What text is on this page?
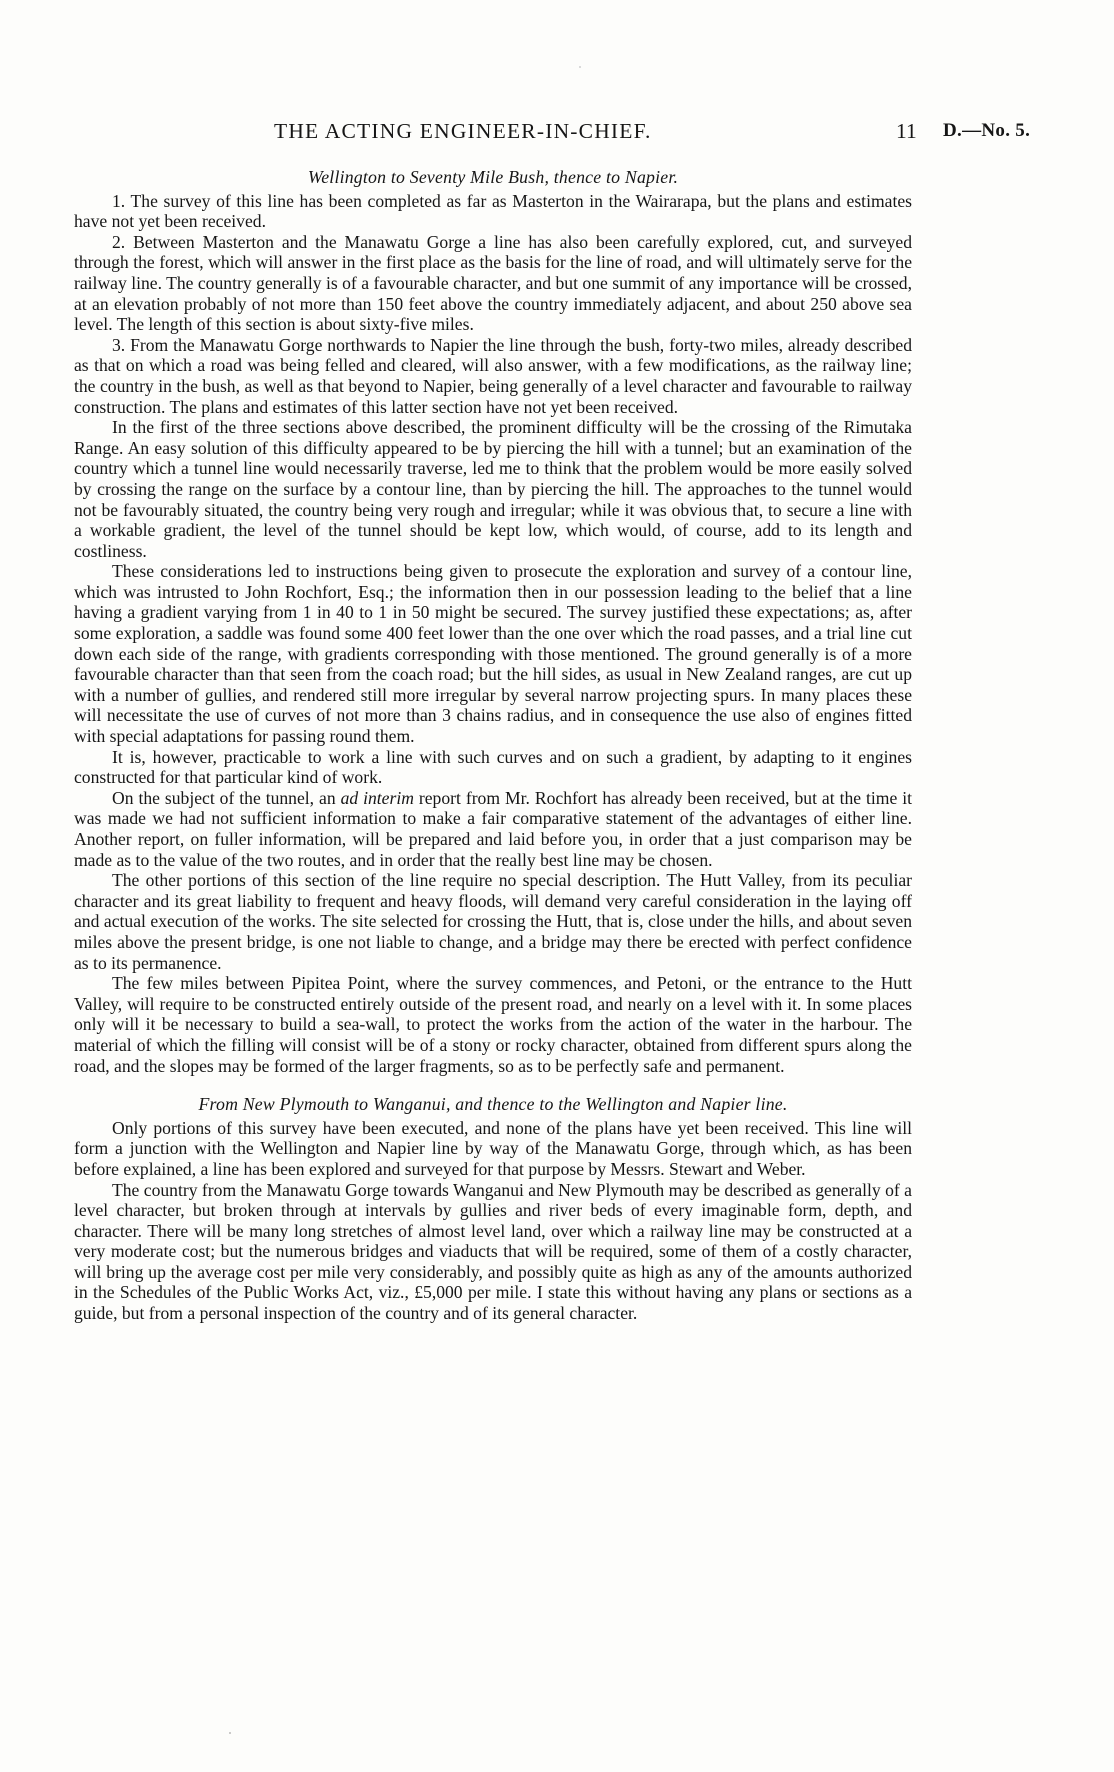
THE ACTING ENGINEER-IN-CHIEF.	11 D.—No. 5.
Wellington to Seventy Mile Bush, thence to Napier.

1. The survey of this line has been completed as far as Masterton in the Wairarapa, but the plans and estimates have not yet been received.

2. Between Masterton and the Manawatu Gorge a line has also been carefully explored, cut, and surveyed through the forest, which will answer in the first place as the basis for the line of road, and will ultimately serve for the railway line. The country generally is of a favourable character, and but one summit of any importance will be crossed, at an elevation probably of not more than 150 feet above the country immediately adjacent, and about 250 above sea level. The length of this section is about sixty-five miles.

3. From the Manawatu Gorge northwards to Napier the line through the bush, forty-two miles, already described as that on which a road was being felled and cleared, will also answer, with a few modifications, as the railway line; the country in the bush, as well as that beyond to Napier, being generally of a level character and favourable to railway construction. The plans and estimates of this latter section have not yet been received.

In the first of the three sections above described, the prominent difficulty will be the crossing of the Rimutaka Range. An easy solution of this difficulty appeared to be by piercing the hill with a tunnel; but an examination of the country which a tunnel line would necessarily traverse, led me to think that the problem would be more easily solved by crossing the range on the surface by a contour line, than by piercing the hill. The approaches to the tunnel would not be favourably situated, the country being very rough and irregular; while it was obvious that, to secure a line with a workable gradient, the level of the tunnel should be kept low, which would, of course, add to its length and costliness.

These considerations led to instructions being given to prosecute the exploration and survey of a contour line, which was intrusted to John Rochfort, Esq.; the information then in our possession leading to the belief that a line having a gradient varying from 1 in 40 to 1 in 50 might be secured. The survey justified these expectations; as, after some exploration, a saddle was found some 400 feet lower than the one over which the road passes, and a trial line cut down each side of the range, with gradients corresponding with those mentioned. The ground generally is of a more favourable character than that seen from the coach road; but the hill sides, as usual in New Zealand ranges, are cut up with a number of gullies, and rendered still more irregular by several narrow projecting spurs. In many places these will necessitate the use of curves of not more than 3 chains radius, and in consequence the use also of engines fitted with special adaptations for passing round them.

It is, however, practicable to work a line with such curves and on such a gradient, by adapting to it engines constructed for that particular kind of work.

On the subject of the tunnel, an ad interim report from Mr. Rochfort has already been received, but at the time it was made we had not sufficient information to make a fair comparative statement of the advantages of either line. Another report, on fuller information, will be prepared and laid before you, in order that a just comparison may be made as to the value of the two routes, and in order that the really best line may be chosen.

The other portions of this section of the line require no special description. The Hutt Valley, from its peculiar character and its great liability to frequent and heavy floods, will demand very careful consideration in the laying off and actual execution of the works. The site selected for crossing the Hutt, that is, close under the hills, and about seven miles above the present bridge, is one not liable to change, and a bridge may there be erected with perfect confidence as to its permanence.

The few miles between Pipitea Point, where the survey commences, and Petoni, or the entrance to the Hutt Valley, will require to be constructed entirely outside of the present road, and nearly on a level with it. In some places only will it be necessary to build a sea-wall, to protect the works from the action of the water in the harbour. The material of which the filling will consist will be of a stony or rocky character, obtained from different spurs along the road, and the slopes may be formed of the larger fragments, so as to be perfectly safe and permanent.

From New Plymouth to Wanganui, and thence to the Wellington and Napier line.

Only portions of this survey have been executed, and none of the plans have yet been received. This line will form a junction with the Wellington and Napier line by way of the Manawatu Gorge, through which, as has been before explained, a line has been explored and surveyed for that purpose by Messrs. Stewart and Weber.

The country from the Manawatu Gorge towards Wanganui and New Plymouth may be described as generally of a level character, but broken through at intervals by gullies and river beds of every imaginable form, depth, and character. There will be many long stretches of almost level land, over which a railway line may be constructed at a very moderate cost; but the numerous bridges and viaducts that will be required, some of them of a costly character, will bring up the average cost per mile very considerably, and possibly quite as high as any of the amounts authorized in the Schedules of the Public Works Act, viz., £5,000 per mile. I state this without having any plans or sections as a guide, but from a personal inspection of the country and of its general character.
